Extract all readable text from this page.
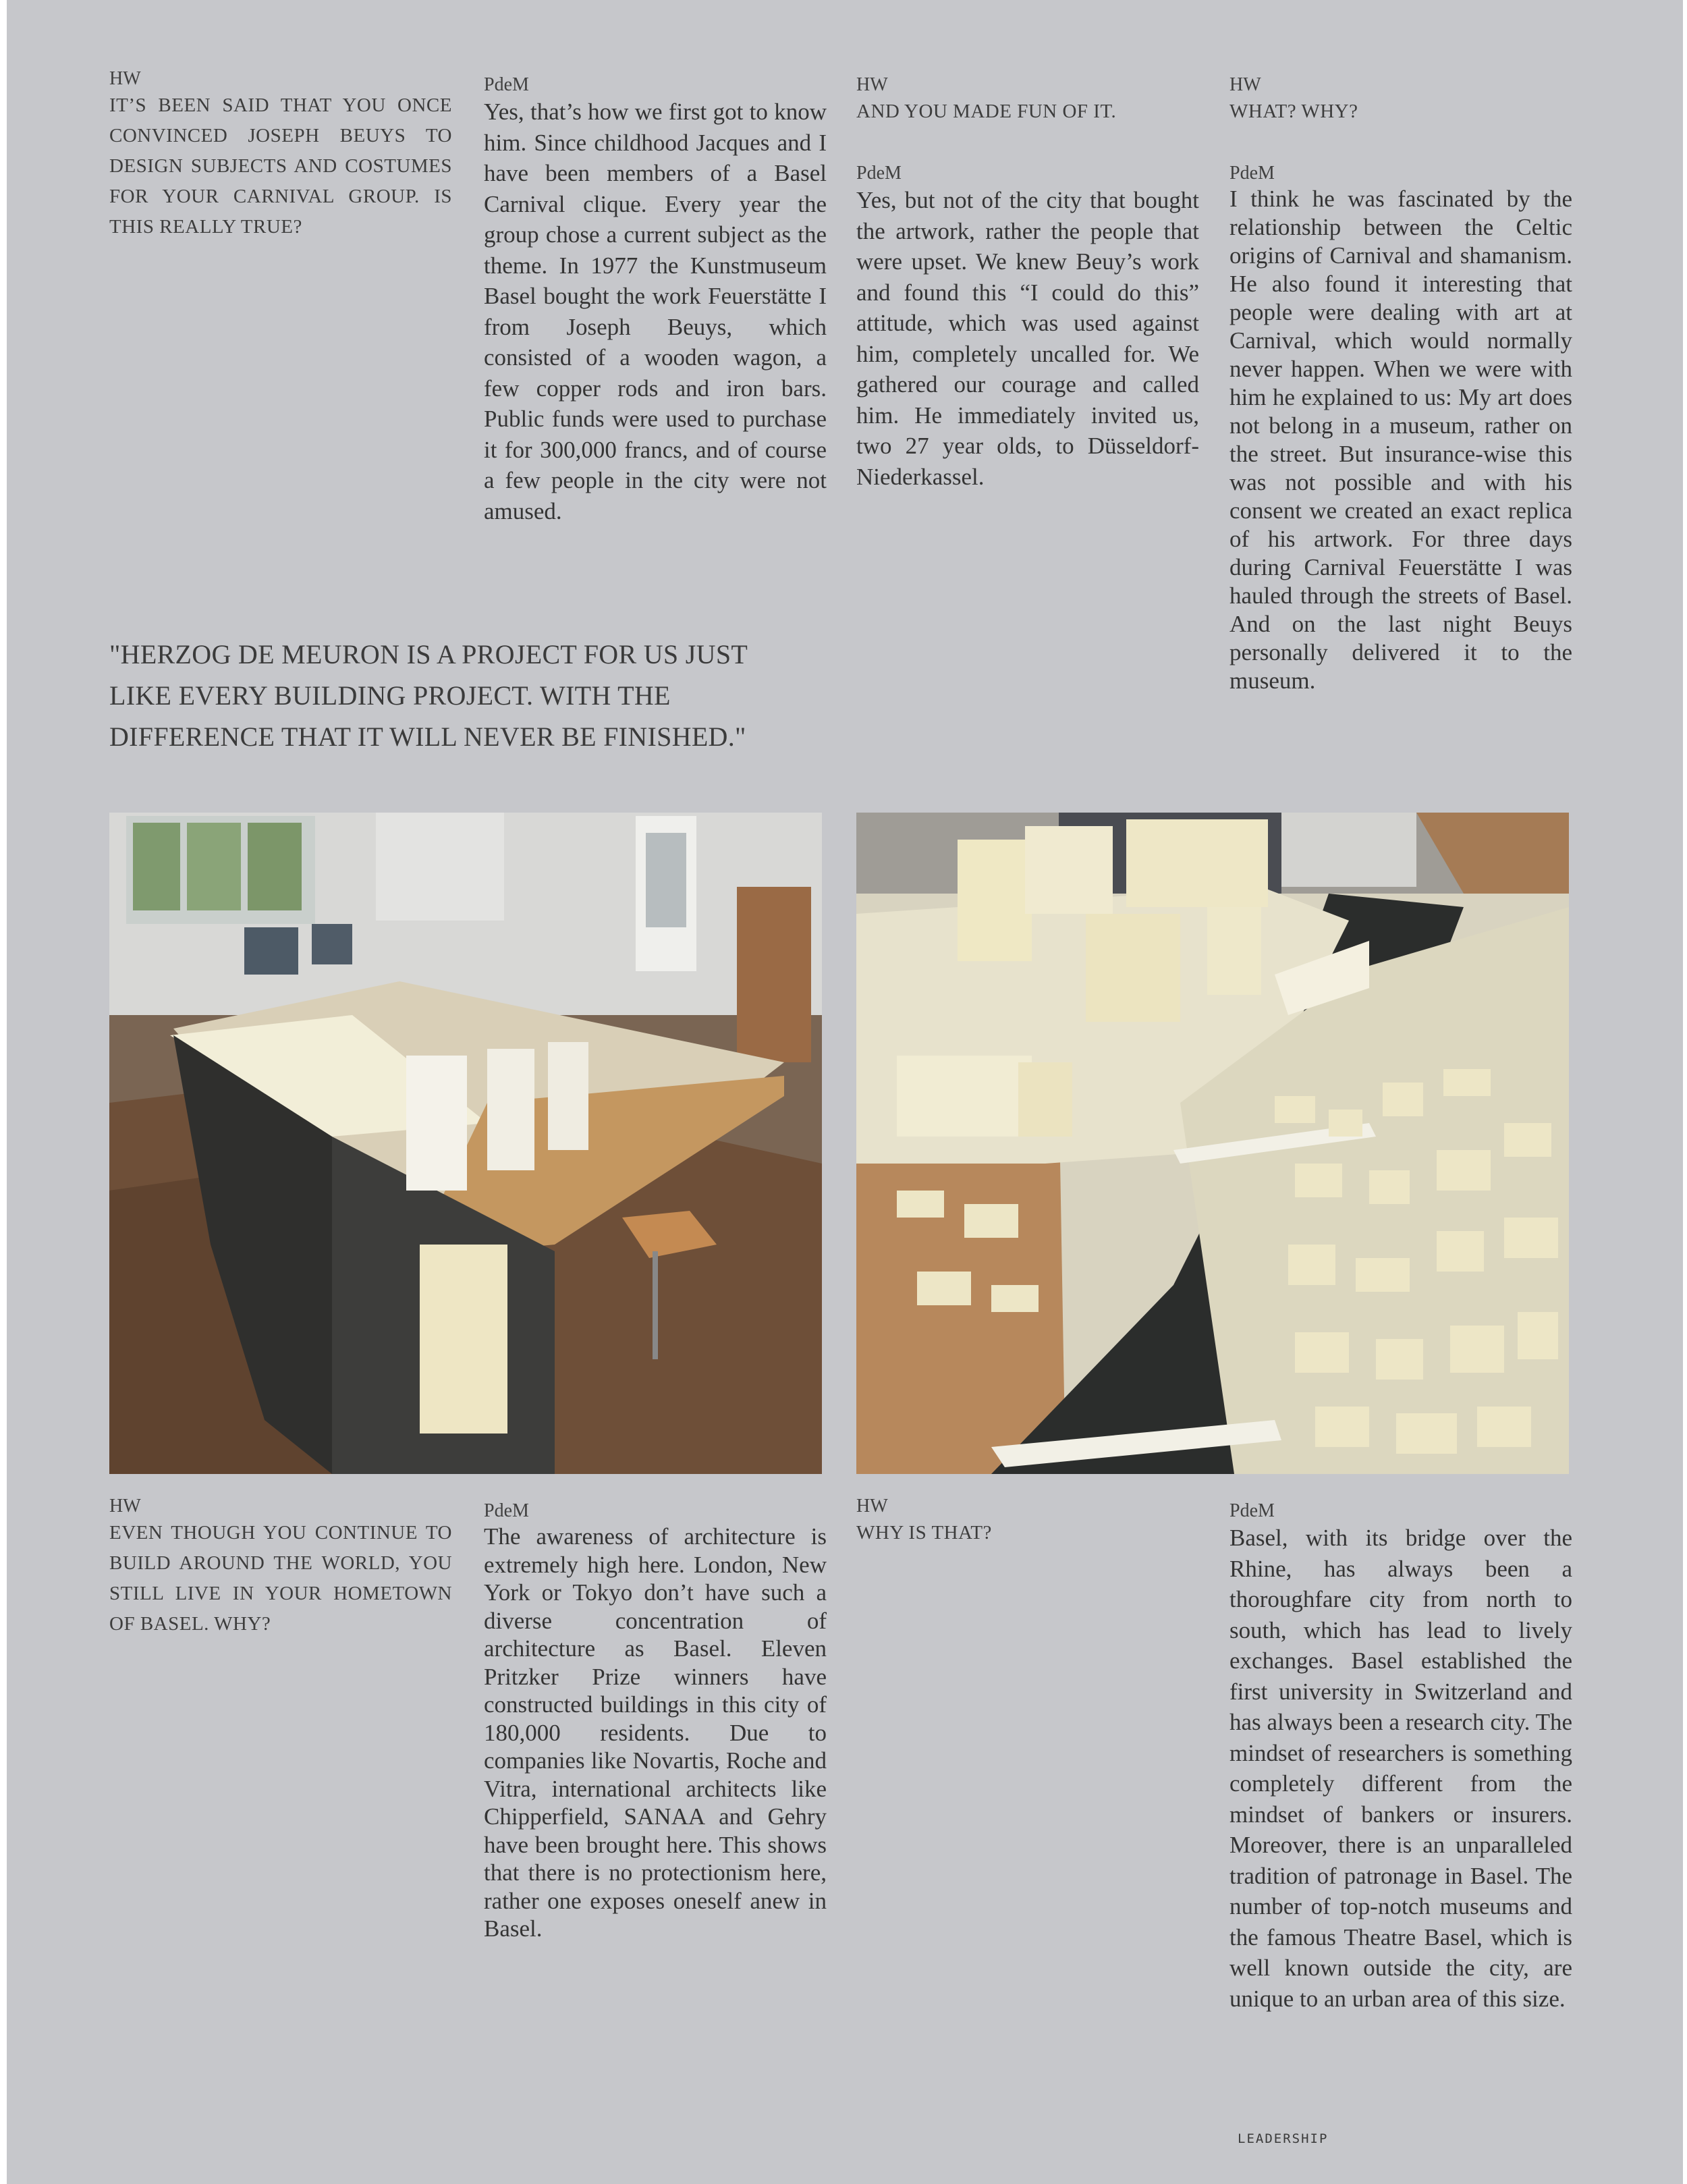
HW
IT’S BEEN SAID THAT YOU ONCE CONVINCED JOSEPH BEUYS TO DESIGN SUBJECTS AND COSTUMES FOR YOUR CARNIVAL GROUP. IS THIS REALLY TRUE?
PdeM
Yes, that’s how we first got to know him. Since childhood Jacques and I have been members of a Basel Carnival clique. Every year the group chose a current subject as the theme. In 1977 the Kunstmuseum Basel bought the work Feuerstätte I from Joseph Beuys, which consisted of a wooden wagon, a few copper rods and iron bars. Public funds were used to purchase it for 300,000 francs, and of course a few people in the city were not amused.
HW
AND YOU MADE FUN OF IT.
PdeM
Yes, but not of the city that bought the artwork, rather the people that were upset. We knew Beuy’s work and found this “I could do this” attitude, which was used against him, completely uncalled for. We gathered our courage and called him. He immediately invited us, two 27 year olds, to Düsseldorf-Niederkassel.
HW
WHAT? WHY?
PdeM
I think he was fascinated by the relationship between the Celtic origins of Carnival and shamanism. He also found it interesting that people were dealing with art at Carnival, which would normally never happen. When we were with him he explained to us: My art does not belong in a museum, rather on the street. But insurance-wise this was not possible and with his consent we created an exact replica of his artwork. For three days during Carnival Feuerstätte I was hauled through the streets of Basel. And on the last night Beuys personally delivered it to the museum.
"HERZOG DE MEURON IS A PROJECT FOR US JUST LIKE EVERY BUILDING PROJECT. WITH THE DIFFERENCE THAT IT WILL NEVER BE FINISHED."
HW
EVEN THOUGH YOU CONTINUE TO BUILD AROUND THE WORLD, YOU STILL LIVE IN YOUR HOMETOWN OF BASEL. WHY?
PdeM
The awareness of architecture is extremely high here. London, New York or Tokyo don’t have such a diverse concentration of architecture as Basel. Eleven Pritzker Prize winners have constructed buildings in this city of 180,000 residents. Due to companies like Novartis, Roche and Vitra, international architects like Chipperfield, SANAA and Gehry have been brought here. This shows that there is no protectionism here, rather one exposes oneself anew in Basel.
HW
WHY IS THAT?
PdeM
Basel, with its bridge over the Rhine, has always been a thoroughfare city from north to south, which has lead to lively exchanges. Basel established the first university in Switzerland and has always been a research city. The mindset of researchers is something completely different from the mindset of bankers or insurers. Moreover, there is an unparalleled tradition of patronage in Basel. The number of top-notch museums and the famous Theatre Basel, which is well known outside the city, are unique to an urban area of this size.
LEADERSHIP
